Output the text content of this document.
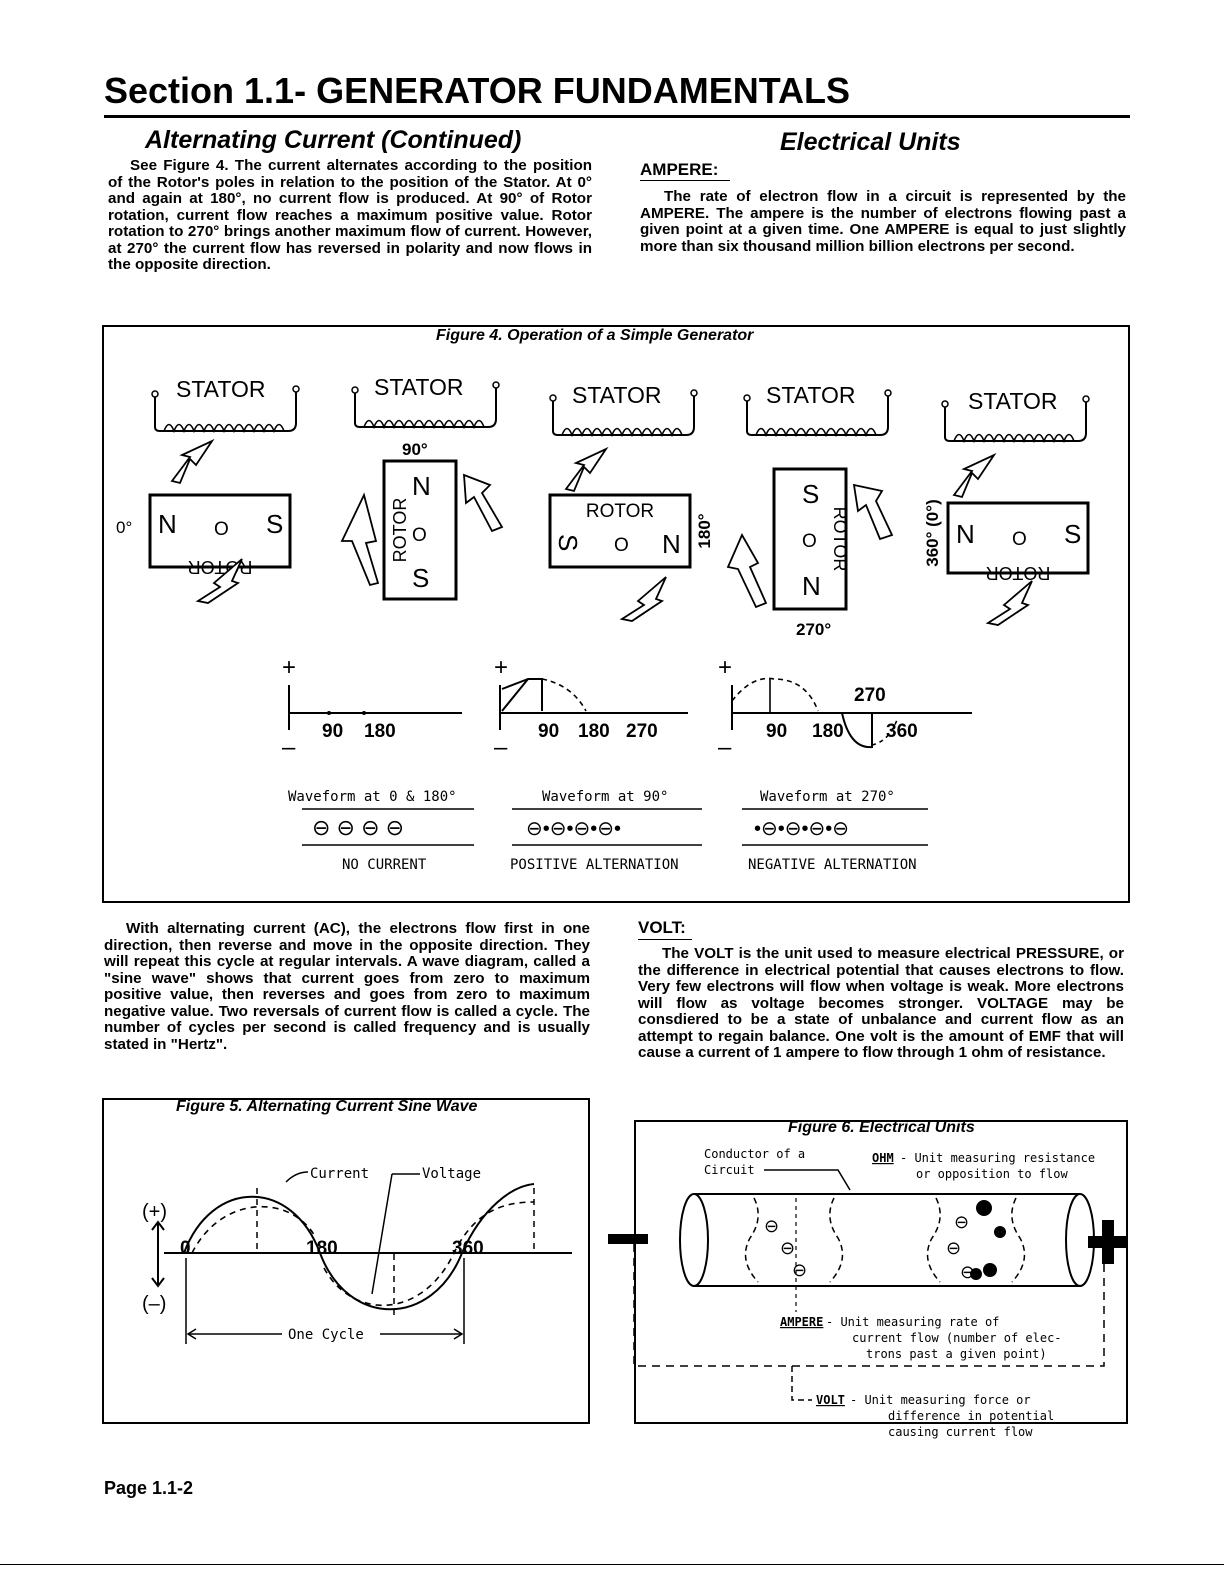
Section 1.1- GENERATOR FUNDAMENTALS
Alternating Current (Continued)
See Figure 4. The current alternates according to the position of the Rotor's poles in relation to the position of the Stator. At 0° and again at 180°, no current flow is produced. At 90° of Rotor rotation, current flow reaches a maximum positive value. Rotor rotation to 270° brings another maximum flow of current. However, at 270° the current flow has reversed in polarity and now flows in the opposite direction.
Electrical Units
AMPERE:
The rate of electron flow in a circuit is represented by the AMPERE. The ampere is the number of electrons flowing past a given point at a given time. One AMPERE is equal to just slightly more than six thousand million billion electrons per second.
Figure 4. Operation of a Simple Generator
STATOR	STATOR	STATOR	STATOR	STATOR
90°
0° N O S
ROTOR
N
O
S
ROTOR	ROTOR
S O N 180°
S
O
N
ROTOR
270°
360° (0°) N O S
ROTOR
+
–
90 180
+
–
90 180 270
+
–
90 180
270
360
Waveform at 0 & 180°
⊖ ⊖ ⊖ ⊖
NO CURRENT
Waveform at 90°
⊖•⊖•⊖•⊖•
POSITIVE ALTERNATION
Waveform at 270°
•⊖•⊖•⊖•⊖
NEGATIVE ALTERNATION
With alternating current (AC), the electrons flow first in one direction, then reverse and move in the opposite direction. They will repeat this cycle at regular intervals. A wave diagram, called a "sine wave" shows that current goes from zero to maximum positive value, then reverses and goes from zero to maximum negative value. Two reversals of current flow is called a cycle. The number of cycles per second is called frequency and is usually stated in "Hertz".
Figure 5. Alternating Current Sine Wave
(+)
(–)
Current	Voltage
0	180	360
One Cycle
VOLT:
The VOLT is the unit used to measure electrical PRESSURE, or the difference in electrical potential that causes electrons to flow. Very few electrons will flow when voltage is weak. More electrons will flow as voltage becomes stronger. VOLTAGE may be consdiered to be a state of unbalance and current flow as an attempt to regain balance. One volt is the amount of EMF that will cause a current of 1 ampere to flow through 1 ohm of resistance.
Figure 6. Electrical Units
Conductor of a
Circuit
OHM - Unit measuring resistance
or opposition to flow
⊖
⊖
⊖
⊖
⊖
⊖
AMPERE - Unit measuring rate of
current flow (number of elec-
trons past a given point)
VOLT - Unit measuring force or
difference in potential
causing current flow
Page 1.1-2
